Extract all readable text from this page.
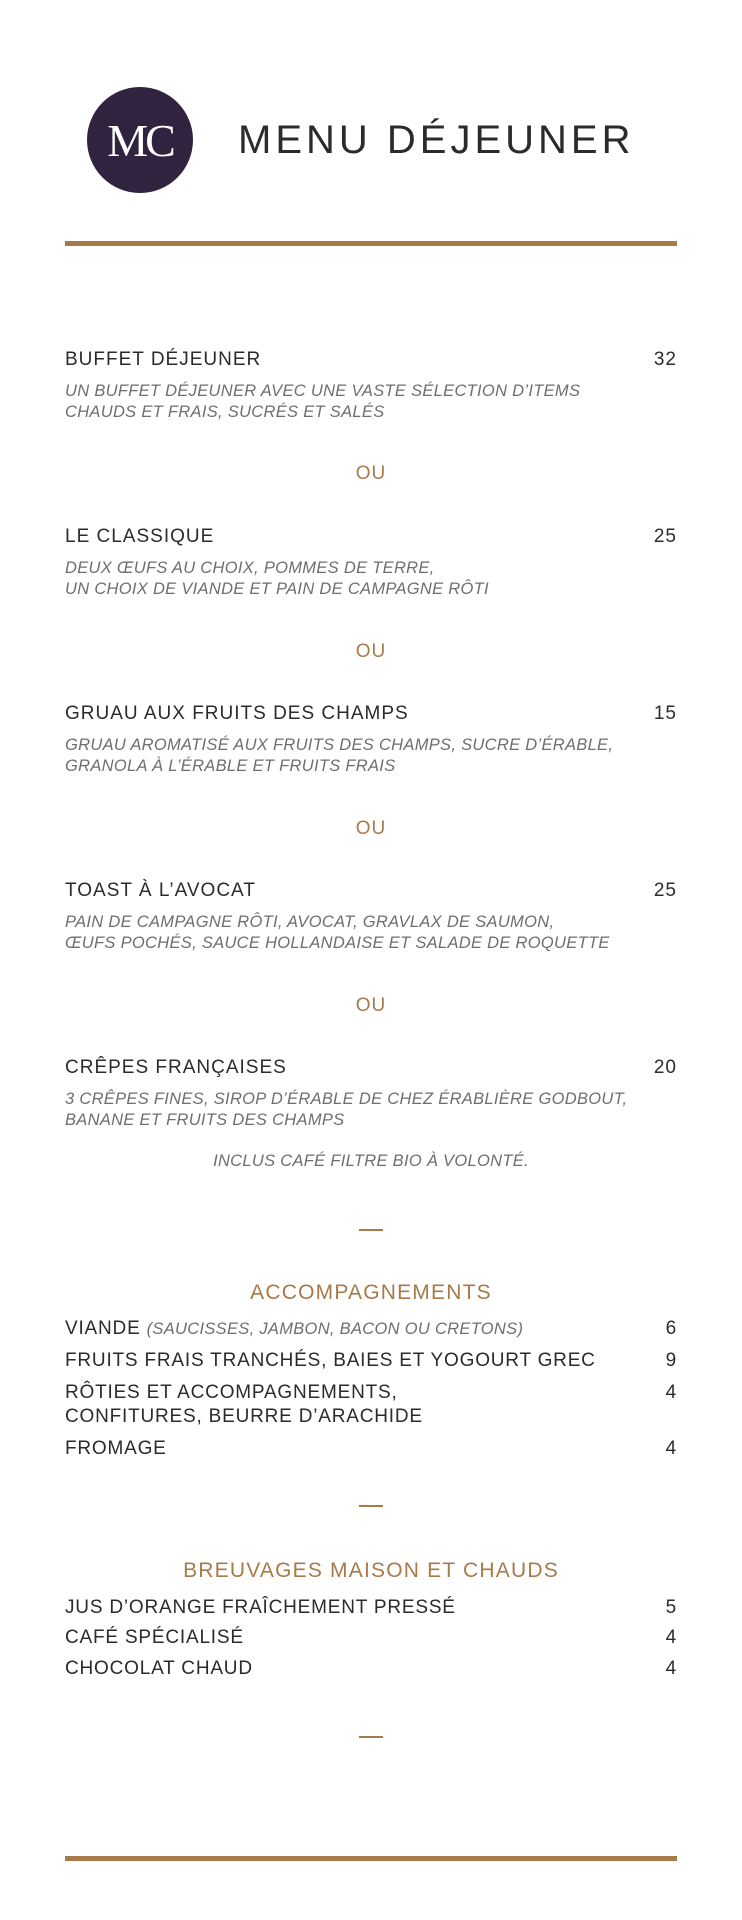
MC MENU DÉJEUNER
BUFFET DÉJEUNER	32
UN BUFFET DÉJEUNER AVEC UNE VASTE SÉLECTION D’ITEMS
CHAUDS ET FRAIS, SUCRÉS ET SALÉS
OU
LE CLASSIQUE	25
DEUX ŒUFS AU CHOIX, POMMES DE TERRE,
UN CHOIX DE VIANDE ET PAIN DE CAMPAGNE RÔTI
OU
GRUAU AUX FRUITS DES CHAMPS	15
GRUAU AROMATISÉ AUX FRUITS DES CHAMPS, SUCRE D’ÉRABLE,
GRANOLA À L’ÉRABLE ET FRUITS FRAIS
OU
TOAST À L’AVOCAT	25
PAIN DE CAMPAGNE RÔTI, AVOCAT, GRAVLAX DE SAUMON,
ŒUFS POCHÉS, SAUCE HOLLANDAISE ET SALADE DE ROQUETTE
OU
CRÊPES FRANÇAISES	20
3 CRÊPES FINES, SIROP D’ÉRABLE DE CHEZ ÉRABLIÈRE GODBOUT,
BANANE ET FRUITS DES CHAMPS
INCLUS CAFÉ FILTRE BIO À VOLONTÉ.
ACCOMPAGNEMENTS
VIANDE (SAUCISSES, JAMBON, BACON OU CRETONS)	6
FRUITS FRAIS TRANCHÉS, BAIES ET YOGOURT GREC	9
RÔTIES ET ACCOMPAGNEMENTS,
CONFITURES, BEURRE D’ARACHIDE
4
FROMAGE	4
BREUVAGES MAISON ET CHAUDS
JUS D’ORANGE FRAÎCHEMENT PRESSÉ	5
CAFÉ SPÉCIALISÉ	4
CHOCOLAT CHAUD	4
